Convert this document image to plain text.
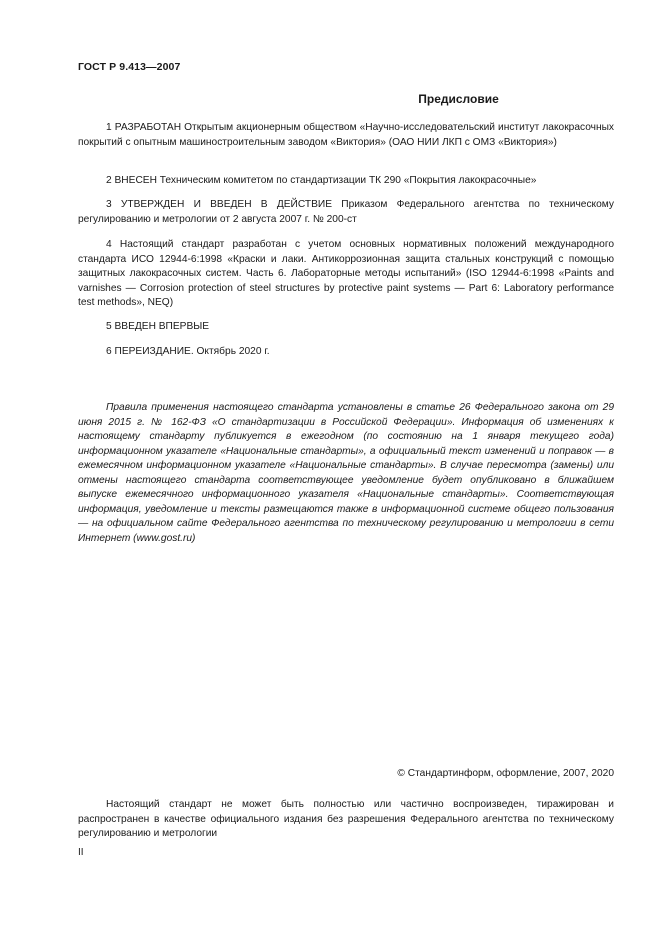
ГОСТ Р 9.413—2007
Предисловие
1 РАЗРАБОТАН Открытым акционерным обществом «Научно-исследовательский институт лакокрасочных покрытий с опытным машиностроительным заводом «Виктория» (ОАО НИИ ЛКП с ОМЗ «Виктория»)
2 ВНЕСЕН Техническим комитетом по стандартизации ТК 290 «Покрытия лакокрасочные»
3 УТВЕРЖДЕН И ВВЕДЕН В ДЕЙСТВИЕ Приказом Федерального агентства по техническому регулированию и метрологии от 2 августа 2007 г. № 200-ст
4 Настоящий стандарт разработан с учетом основных нормативных положений международного стандарта ИСО 12944-6:1998 «Краски и лаки. Антикоррозионная защита стальных конструкций с помощью защитных лакокрасочных систем. Часть 6. Лабораторные методы испытаний» (ISO 12944-6:1998 «Paints and varnishes — Corrosion protection of steel structures by protective paint systems — Part 6: Laboratory performance test methods», NEQ)
5 ВВЕДЕН ВПЕРВЫЕ
6 ПЕРЕИЗДАНИЕ. Октябрь 2020 г.
Правила применения настоящего стандарта установлены в статье 26 Федерального закона от 29 июня 2015 г. № 162-ФЗ «О стандартизации в Российской Федерации». Информация об изменениях к настоящему стандарту публикуется в ежегодном (по состоянию на 1 января текущего года) информационном указателе «Национальные стандарты», а официальный текст изменений и поправок — в ежемесячном информационном указателе «Национальные стандарты». В случае пересмотра (замены) или отмены настоящего стандарта соответствующее уведомление будет опубликовано в ближайшем выпуске ежемесячного информационного указателя «Национальные стандарты». Соответствующая информация, уведомление и тексты размещаются также в информационной системе общего пользования — на официальном сайте Федерального агентства по техническому регулированию и метрологии в сети Интернет (www.gost.ru)
© Стандартинформ, оформление, 2007, 2020
Настоящий стандарт не может быть полностью или частично воспроизведен, тиражирован и распространен в качестве официального издания без разрешения Федерального агентства по техническому регулированию и метрологии
II
